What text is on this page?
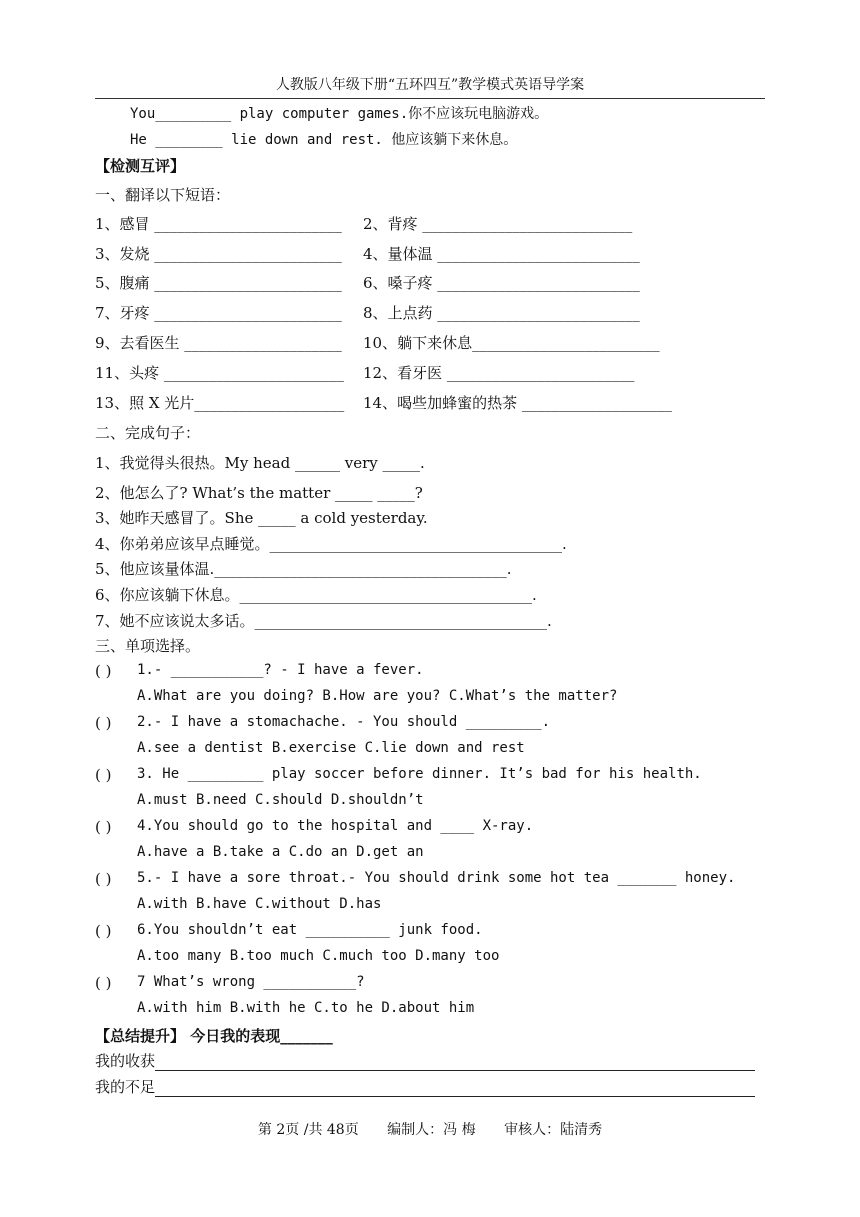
人教版八年级下册“五环四互”教学模式英语导学案
You_________ play computer games.你不应该玩电脑游戏。
He ________ lie down and rest. 他应该躺下来休息。
【检测互评】
一、翻译以下短语：
1、感冒 _________________________ 2、背疼 ____________________________
3、发烧 _________________________ 4、量体温 ___________________________
5、腹痛 _________________________ 6、嗓子疼 ___________________________
7、牙疼 _________________________ 8、上点药 ___________________________
9、去看医生 _____________________ 10、躺下来休息_________________________
11、头疼 ________________________ 12、看牙医 _________________________
13、照 X 光片____________________ 14、喝些加蜂蜜的热茶 ____________________
二、完成句子：
1、我觉得头很热。My head ______ very _____.
2、他怎么了? What’s the matter _____ _____?
3、她昨天感冒了。She _____ a cold yesterday.
4、你弟弟应该早点睡觉。_______________________________________.
5、他应该量体温._______________________________________.
6、你应该躺下休息。_______________________________________.
7、她不应该说太多话。_______________________________________.
三、单项选择。
( ) 1.- ___________? - I have a fever.
A.What are you doing? B.How are you? C.What’s the matter?
( ) 2.- I have a stomachache. - You should _________.
A.see a dentist B.exercise C.lie down and rest
( ) 3. He _________ play soccer before dinner. It’s bad for his health.
A.must B.need C.should D.shouldn’t
( ) 4.You should go to the hospital and ____ X-ray.
A.have a B.take a C.do an D.get an
( ) 5.- I have a sore throat.- You should drink some hot tea _______ honey.
A.with B.have C.without D.has
( ) 6.You shouldn’t eat __________ junk food.
A.too many B.too much C.much too D.many too
( ) 7 What’s wrong ___________?
A.with him B.with he C.to he D.about him
【总结提升】 今日我的表现_______
我的收获
我的不足
第 2页 /共 48页 编制人：冯 梅 审核人：陆清秀
